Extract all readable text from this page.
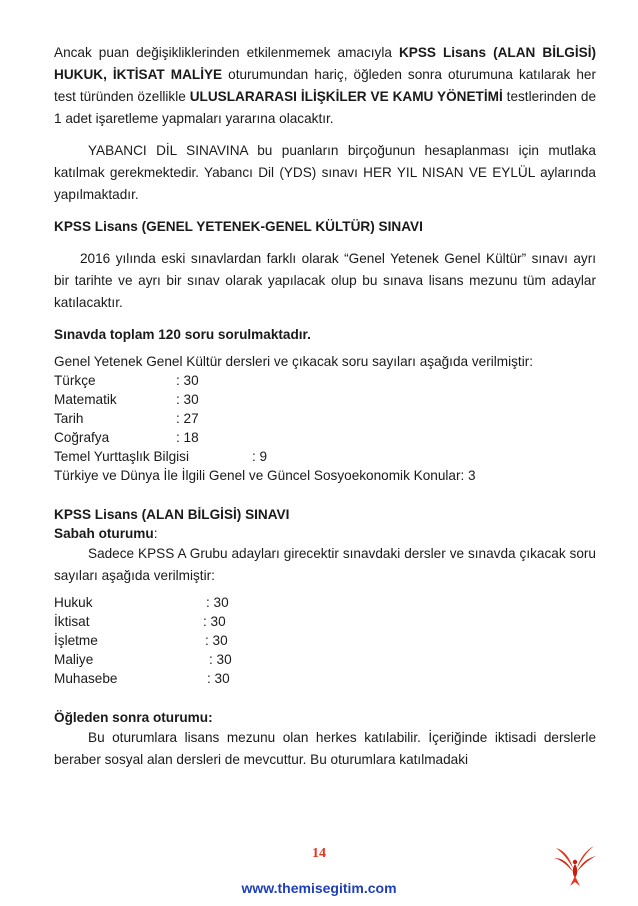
Ancak puan değişikliklerinden etkilenmemek amacıyla KPSS Lisans (ALAN BİLGİSİ) HUKUK, İKTİSAT MALİYE oturumundan hariç, öğleden sonra oturumuna katılarak her test türünden özellikle ULUSLARARASI İLİŞKİLER VE KAMU YÖNETİMİ testlerinden de 1 adet işaretleme yapmaları yararına olacaktır.

YABANCI DİL SINAVINA bu puanların birçoğunun hesaplanması için mutlaka katılmak gerekmektedir. Yabancı Dil (YDS) sınavı HER YIL NISAN VE EYLÜL aylarında yapılmaktadır.

KPSS Lisans (GENEL YETENEK-GENEL KÜLTÜR) SINAVI

2016 yılında eski sınavlardan farklı olarak “Genel Yetenek Genel Kültür” sınavı ayrı bir tarihte ve ayrı bir sınav olarak yapılacak olup bu sınava lisans mezunu tüm adaylar katılacaktır.

Sınavda toplam 120 soru sorulmaktadır.

Genel Yetenek Genel Kültür dersleri ve çıkacak soru sayıları aşağıda verilmiştir:

Türkçe	: 30
Matematik	: 30
Tarih	: 27
Coğrafya	: 18
Temel Yurttaşlık Bilgisi	: 9

Türkiye ve Dünya İle İlgili Genel ve Güncel Sosyoekonomik Konular: 3

KPSS Lisans (ALAN BİLGİSİ) SINAVI
Sabah oturumu:

Sadece KPSS A Grubu adayları girecektir sınavdaki dersler ve sınavda çıkacak soru sayıları aşağıda verilmiştir:

Hukuk	: 30
İktisat	: 30
İşletme	: 30
Maliye	: 30
Muhasebe	: 30
Öğleden sonra oturumu:

Bu oturumlara lisans mezunu olan herkes katılabilir. İçeriğinde iktisadi derslerle beraber sosyal alan dersleri de mevcuttur. Bu oturumlara katılmadaki

14
www.themisegitim.com
